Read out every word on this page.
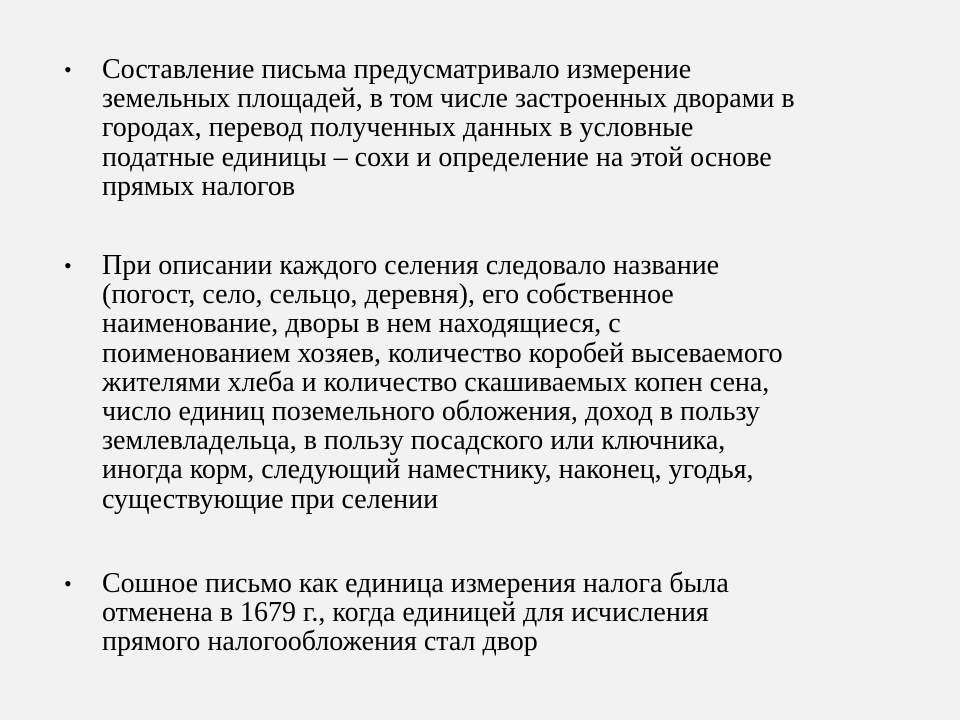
• Составление письма предусматривало измерение
земельных площадей, в том числе застроенных дворами в
городах, перевод полученных данных в условные
податные единицы – сохи и определение на этой основе
прямых налогов

• При описании каждого селения следовало название
(погост, село, сельцо, деревня), его собственное
наименование, дворы в нем находящиеся, с
поименованием хозяев, количество коробей высеваемого
жителями хлеба и количество скашиваемых копен сена,
число единиц поземельного обложения, доход в пользу
землевладельца, в пользу посадского или ключника,
иногда корм, следующий наместнику, наконец, угодья,
существующие при селении

• Сошное письмо как единица измерения налога была
отменена в 1679 г., когда единицей для исчисления
прямого налогообложения стал двор
